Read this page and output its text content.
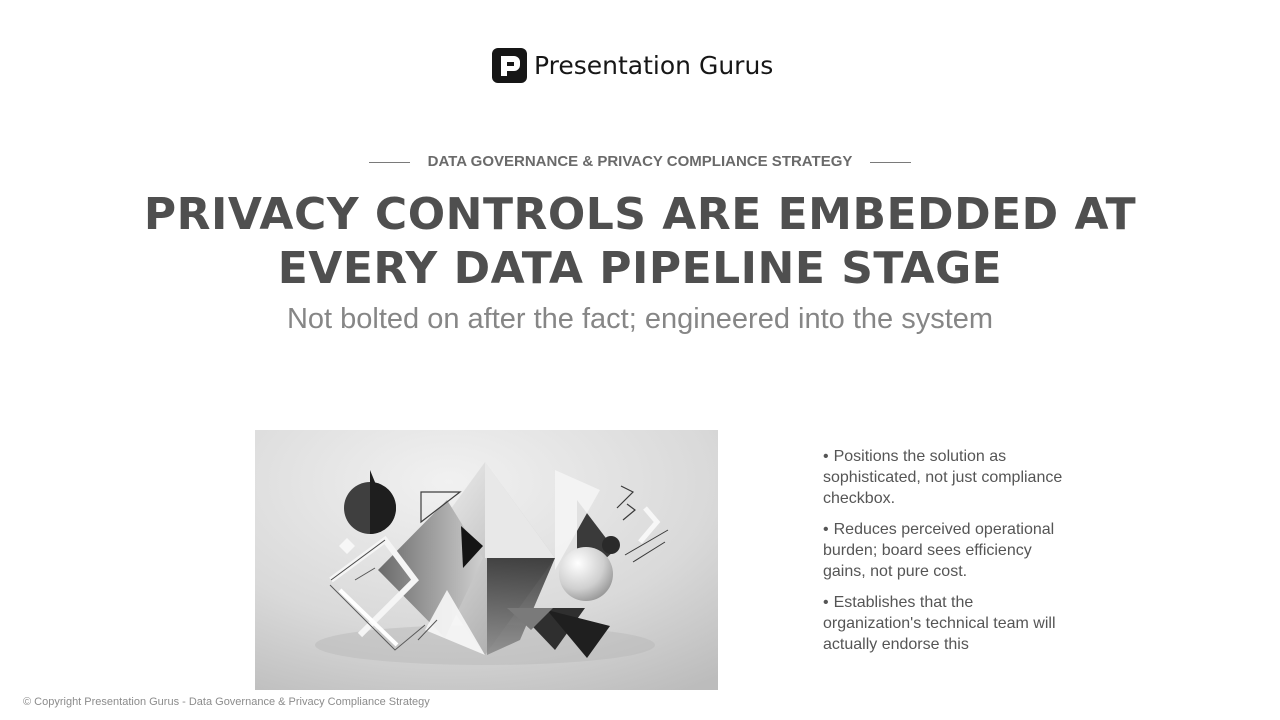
Presentation Gurus
DATA GOVERNANCE & PRIVACY COMPLIANCE STRATEGY
PRIVACY CONTROLS ARE EMBEDDED AT EVERY DATA PIPELINE STAGE

Not bolted on after the fact; engineered into the system

• Positions the solution as sophisticated, not just compliance checkbox.
• Reduces perceived operational burden; board sees efficiency gains, not pure cost.
• Establishes that the organization's technical team will actually endorse this
© Copyright Presentation Gurus - Data Governance & Privacy Compliance Strategy
